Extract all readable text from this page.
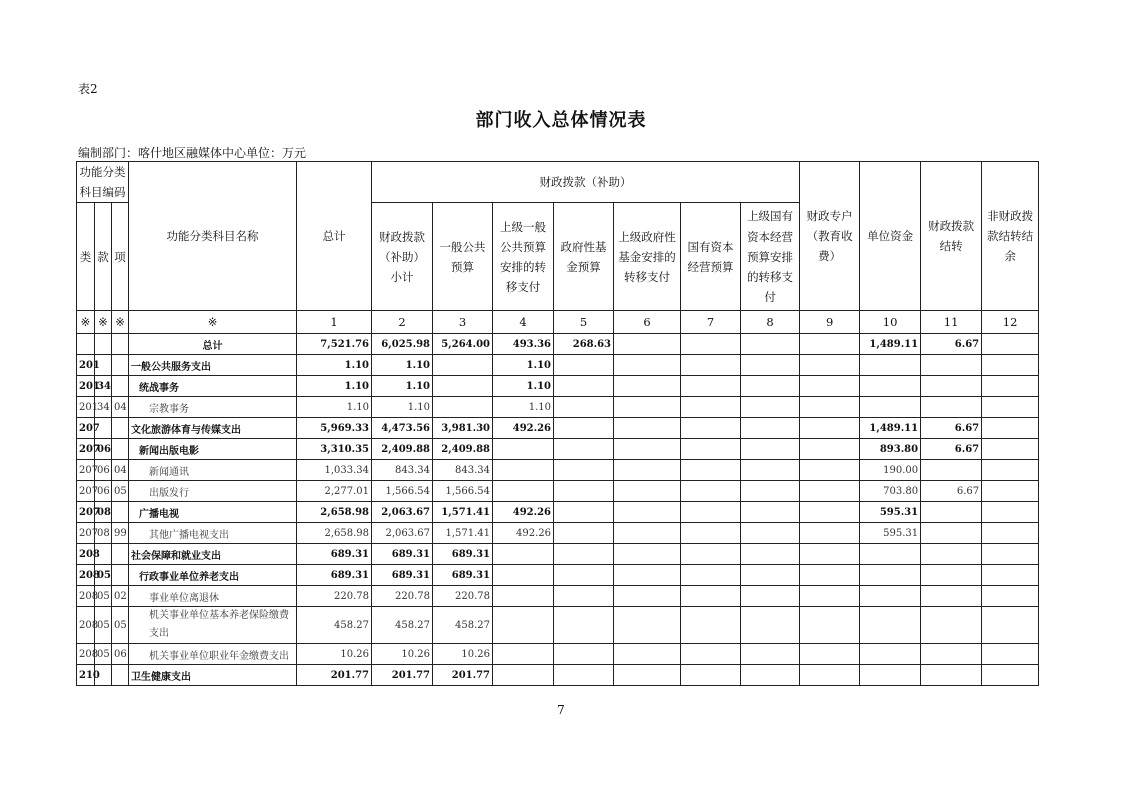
表2
部门收入总体情况表
编制部门：喀什地区融媒体中心单位：万元
功能分类科目编码			功能分类科目名称	总计	财政拨款（补助）							财政专户（教育收费）	单位资金	财政拨款结转	非财政拨款结转结余
类	款	项			财政拨款（补助）小计	一般公共预算	上级一般公共预算安排的转移支付	政府性基金预算	上级政府性基金安排的转移支付	国有资本经营预算	上级国有资本经营预算安排的转移支付				
※	※	※	※	1	2	3	4	5	6	7	8	9	10	11	12
			总计	7,521.76	6,025.98	5,264.00	493.36	268.63					1,489.11	6.67	
201			一般公共服务支出	1.10	1.10		1.10								
201	34		统战事务	1.10	1.10		1.10								
201	34	04	宗教事务	1.10	1.10		1.10								
207			文化旅游体育与传媒支出	5,969.33	4,473.56	3,981.30	492.26						1,489.11	6.67	
207	06		新闻出版电影	3,310.35	2,409.88	2,409.88							893.80	6.67	
207	06	04	新闻通讯	1,033.34	843.34	843.34							190.00		
207	06	05	出版发行	2,277.01	1,566.54	1,566.54							703.80	6.67	
207	08		广播电视	2,658.98	2,063.67	1,571.41	492.26						595.31		
207	08	99	其他广播电视支出	2,658.98	2,063.67	1,571.41	492.26						595.31		
208			社会保障和就业支出	689.31	689.31	689.31									
208	05		行政事业单位养老支出	689.31	689.31	689.31									
208	05	02	事业单位离退休	220.78	220.78	220.78									
208	05	05	机关事业单位基本养老保险缴费支出	458.27	458.27	458.27									
208	05	06	机关事业单位职业年金缴费支出	10.26	10.26	10.26									
210			卫生健康支出	201.77	201.77	201.77									
7
